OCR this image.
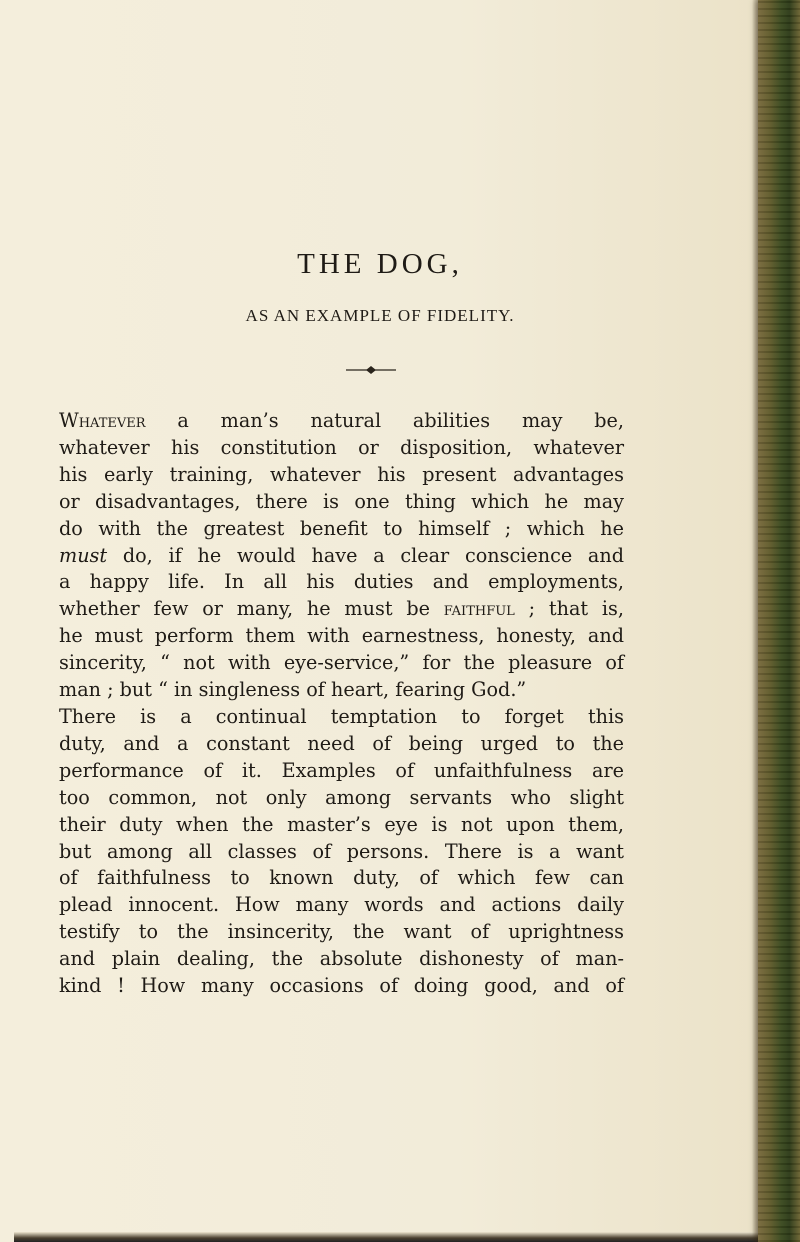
THE DOG,
AS AN EXAMPLE OF FIDELITY.
Whatever a man’s natural abilities may be,
whatever his constitution or disposition, whatever
his early training, whatever his present advantages
or disadvantages, there is one thing which he may
do with the greatest benefit to himself ; which he
must do, if he would have a clear conscience and
a happy life. In all his duties and employments,
whether few or many, he must be faithful ; that is,
he must perform them with earnestness, honesty, and
sincerity, “ not with eye-service,” for the pleasure of
man ; but “ in singleness of heart, fearing God.”
There is a continual temptation to forget this
duty, and a constant need of being urged to the
performance of it. Examples of unfaithfulness are
too common, not only among servants who slight
their duty when the master’s eye is not upon them,
but among all classes of persons. There is a want
of faithfulness to known duty, of which few can
plead innocent. How many words and actions daily
testify to the insincerity, the want of uprightness
and plain dealing, the absolute dishonesty of man-
kind ! How many occasions of doing good, and of
